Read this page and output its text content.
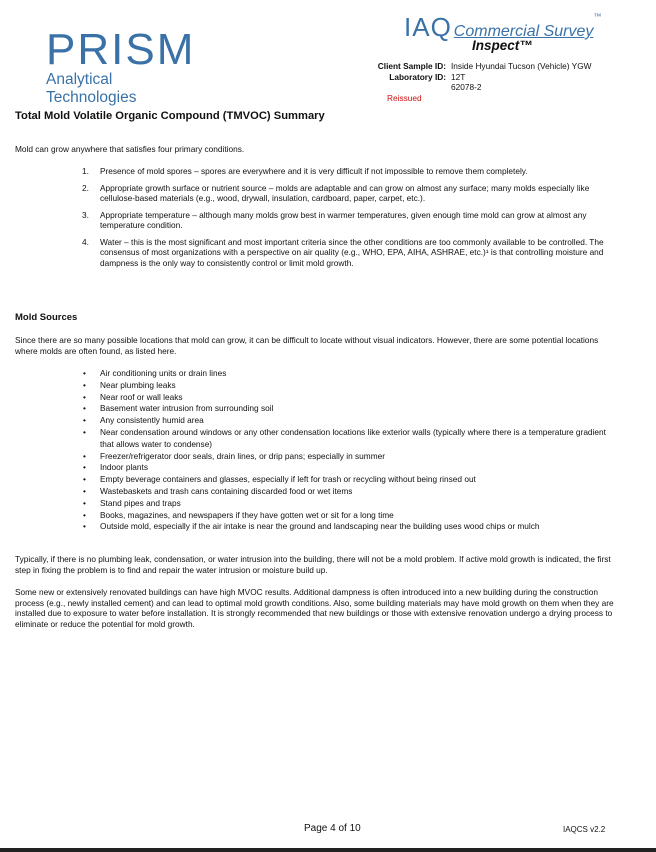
PRISM
Analytical Technologies
IAQ Commercial Survey™
Inspect™
Client Sample ID: Inside Hyundai Tucson (Vehicle) YGW
Laboratory ID: 12T
62078-2
Reissued
Total Mold Volatile Organic Compound (TMVOC) Summary
Mold can grow anywhere that satisfies four primary conditions.
1. Presence of mold spores – spores are everywhere and it is very difficult if not impossible to remove them completely.
2. Appropriate growth surface or nutrient source – molds are adaptable and can grow on almost any surface; many molds especially like cellulose-based materials (e.g., wood, drywall, insulation, cardboard, paper, carpet, etc.).
3. Appropriate temperature – although many molds grow best in warmer temperatures, given enough time mold can grow at almost any temperature condition.
4. Water – this is the most significant and most important criteria since the other conditions are too commonly available to be controlled. The consensus of most organizations with a perspective on air quality (e.g., WHO, EPA, AIHA, ASHRAE, etc.)¹ is that controlling moisture and dampness is the only way to consistently control or limit mold growth.
Mold Sources
Since there are so many possible locations that mold can grow, it can be difficult to locate without visual indicators. However, there are some potential locations where molds are often found, as listed here.
• Air conditioning units or drain lines
• Near plumbing leaks
• Near roof or wall leaks
• Basement water intrusion from surrounding soil
• Any consistently humid area
• Near condensation around windows or any other condensation locations like exterior walls (typically where there is a temperature gradient that allows water to condense)
• Freezer/refrigerator door seals, drain lines, or drip pans; especially in summer
• Indoor plants
• Empty beverage containers and glasses, especially if left for trash or recycling without being rinsed out
• Wastebaskets and trash cans containing discarded food or wet items
• Stand pipes and traps
• Books, magazines, and newspapers if they have gotten wet or sit for a long time
• Outside mold, especially if the air intake is near the ground and landscaping near the building uses wood chips or mulch
Typically, if there is no plumbing leak, condensation, or water intrusion into the building, there will not be a mold problem. If active mold growth is indicated, the first step in fixing the problem is to find and repair the water intrusion or moisture build up.
Some new or extensively renovated buildings can have high MVOC results. Additional dampness is often introduced into a new building during the construction process (e.g., newly installed cement) and can lead to optimal mold growth conditions. Also, some building materials may have mold growth on them when they are installed due to exposure to water before installation. It is strongly recommended that new buildings or those with extensive renovation undergo a drying process to eliminate or reduce the potential for mold growth.
Page 4 of 10	IAQCS v2.2
